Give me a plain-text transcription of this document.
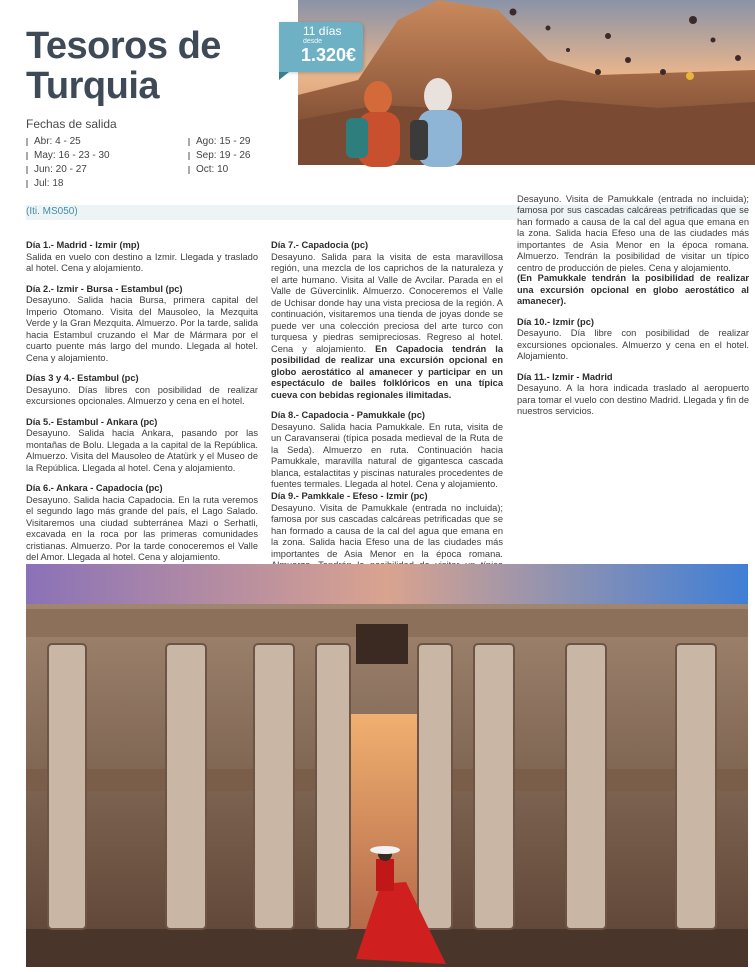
Tesoros de
Turquia
11 días
desde
1.320€
Fechas de salida
Abr: 4 - 25
May: 16 - 23 - 30
Jun: 20 - 27
Jul: 18
Ago: 15 - 29
Sep: 19 - 26
Oct: 10
(Iti. MS050)

Día 1.- Madrid - Izmir (mp)
Salida en vuelo con destino a Izmir. Llegada y traslado al hotel. Cena y alojamiento.

Día 2.- Izmir - Bursa - Estambul (pc)
Desayuno. Salida hacia Bursa, primera capital del Imperio Otomano. Visita del Mausoleo, la Mezquita Verde y la Gran Mezquita. Almuerzo. Por la tarde, salida hacia Estambul cruzando el Mar de Mármara por el cuarto puente más largo del mundo. Llegada al hotel. Cena y alojamiento.

Días 3 y 4.- Estambul (pc)
Desayuno. Días libres con posibilidad de realizar excursiones opcionales. Almuerzo y cena en el hotel.

Día 5.- Estambul - Ankara (pc)
Desayuno. Salida hacia Ankara, pasando por las montañas de Bolu. Llegada a la capital de la República. Almuerzo. Visita del Mausoleo de Atatürk y el Museo de la República. Llegada al hotel. Cena y alojamiento.

Día 6.- Ankara - Capadocia (pc)
Desayuno. Salida hacia Capadocia. En la ruta veremos el segundo lago más grande del país, el Lago Salado. Visitaremos una ciudad subterránea Mazi o Serhatli, excavada en la roca por las primeras comunidades cristianas. Almuerzo. Por la tarde conoceremos el Valle del Amor. Llegada al hotel. Cena y alojamiento.

Día 7.- Capadocia (pc)
Desayuno. Salida para la visita de esta maravillosa región, una mezcla de los caprichos de la naturaleza y el arte humano. Visita al Valle de Avcilar. Parada en el Valle de Güvercinlik. Almuerzo. Conoceremos el Valle de Uchisar donde hay una vista preciosa de la región. A continuación, visitaremos una tienda de joyas donde se puede ver una colección preciosa del arte turco con turquesa y piedras semipreciosas. Regreso al hotel. Cena y alojamiento. En Capadocia tendrán la posibilidad de realizar una excursión opcional en globo aerostático al amanecer y participar en un espectáculo de bailes folklóricos en una típica cueva con bebidas regionales ilimitadas.

Día 8.- Capadocia - Pamukkale (pc)
Desayuno. Salida hacia Pamukkale. En ruta, visita de un Caravanserai (típica posada medieval de la Ruta de la Seda). Almuerzo en ruta. Continuación hacia Pamukkale, maravilla natural de gigantesca cascada blanca, estalactitas y piscinas naturales procedentes de fuentes termales. Llegada al hotel. Cena y alojamiento.

Día 9.- Pamkkale - Efeso - Izmir (pc)
Desayuno. Visita de Pamukkale (entrada no incluida); famosa por sus cascadas calcáreas petrificadas que se han formado a causa de la cal del agua que emana en la zona. Salida hacia Efeso una de las ciudades más importantes de Asia Menor en la época romana.
Desayuno. Visita de Pamukkale (entrada no incluida); famosa por sus cascadas calcáreas petrificadas que se han formado a causa de la cal del agua que emana en la zona. Salida hacia Efeso una de las ciudades más importantes de Asia Menor en la época romana. Almuerzo. Tendrán la posibilidad de visitar un típico centro de producción de pieles. Cena y alojamiento.

(En Pamukkale tendrán la posibilidad de realizar una excursión opcional en globo aerostático al amanecer).

Día 10.- Izmir (pc)
Desayuno. Día libre con posibilidad de realizar excursiones opcionales. Almuerzo y cena en el hotel. Alojamiento.

Día 11.- Izmir - Madrid
Desayuno. A la hora indicada traslado al aeropuerto para tomar el vuelo con destino Madrid. Llegada y fin de nuestros servicios.
